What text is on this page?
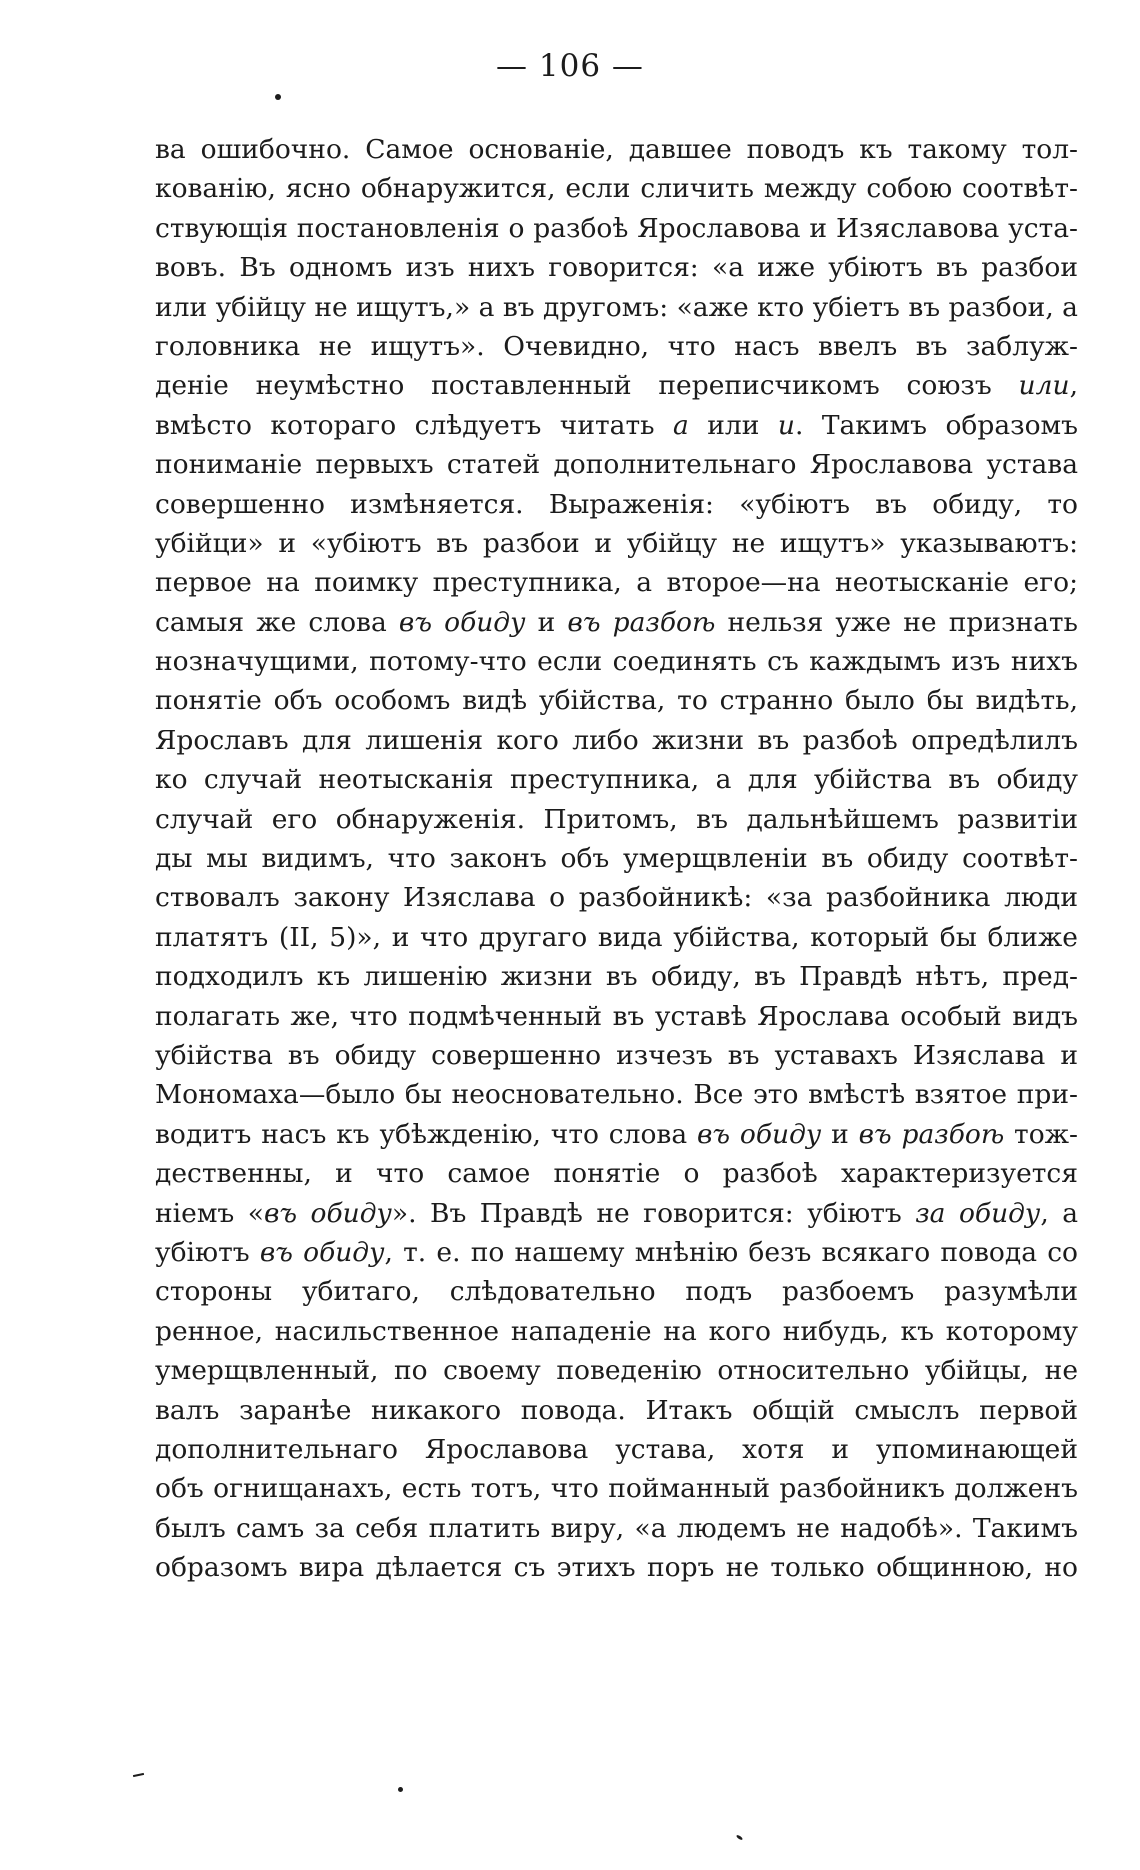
— 106 —
ва ошибочно. Самое основаніе, давшее поводъ къ такому тол-
кованію, ясно обнаружится, если сличить между собою соотвѣт-
ствующія постановленія о разбоѣ Ярославова и Изяславова уста-
вовъ. Въ одномъ изъ нихъ говорится: «а иже убіютъ въ разбои
или убійцу не ищутъ,» а въ другомъ: «аже кто убіетъ въ разбои, а
головника не ищутъ». Очевидно, что насъ ввелъ въ заблуж-
деніе неумѣстно поставленный переписчикомъ союзъ или,
вмѣсто котораго слѣдуетъ читать а или и. Такимъ образомъ
пониманіе первыхъ статей дополнительнаго Ярославова устава
совершенно измѣняется. Выраженія: «убіютъ въ обиду, то
убійци» и «убіютъ въ разбои и убійцу не ищутъ» указываютъ:
первое на поимку преступника, а второе—на неотысканіе его;
самыя же слова въ обиду и въ разбоѣ нельзя уже не признать
нозначущими, потому-что если соединять съ каждымъ изъ нихъ
понятіе объ особомъ видѣ убійства, то странно было бы видѣть,
Ярославъ для лишенія кого либо жизни въ разбоѣ опредѣлилъ
ко случай неотысканія преступника, а для убійства въ обиду
случай его обнаруженія. Притомъ, въ дальнѣйшемъ развитіи
ды мы видимъ, что законъ объ умерщвленіи въ обиду соотвѣт-
ствовалъ закону Изяслава о разбойникѣ: «за разбойника люди
платятъ (II, 5)», и что другаго вида убійства, который бы ближе
подходилъ къ лишенію жизни въ обиду, въ Правдѣ нѣтъ, пред-
полагать же, что подмѣченный въ уставѣ Ярослава особый видъ
убійства въ обиду совершенно изчезъ въ уставахъ Изяслава и
Мономаха—было бы неосновательно. Все это вмѣстѣ взятое при-
водитъ насъ къ убѣжденію, что слова въ обиду и въ разбоѣ тож-
дественны, и что самое понятіе о разбоѣ характеризуется
ніемъ «въ обиду». Въ Правдѣ не говорится: убіютъ за обиду, а
убіютъ въ обиду, т. е. по нашему мнѣнію безъ всякаго повода со
стороны убитаго, слѣдовательно подъ разбоемъ разумѣли
ренное, насильственное нападеніе на кого нибудь, къ которому
умерщвленный, по своему поведенію относительно убійцы, не
валъ заранѣе никакого повода. Итакъ общій смыслъ первой
дополнительнаго Ярославова устава, хотя и упоминающей
объ огнищанахъ, есть тотъ, что пойманный разбойникъ долженъ
былъ самъ за себя платить виру, «а людемъ не надобѣ». Такимъ
образомъ вира дѣлается съ этихъ поръ не только общинною, но
